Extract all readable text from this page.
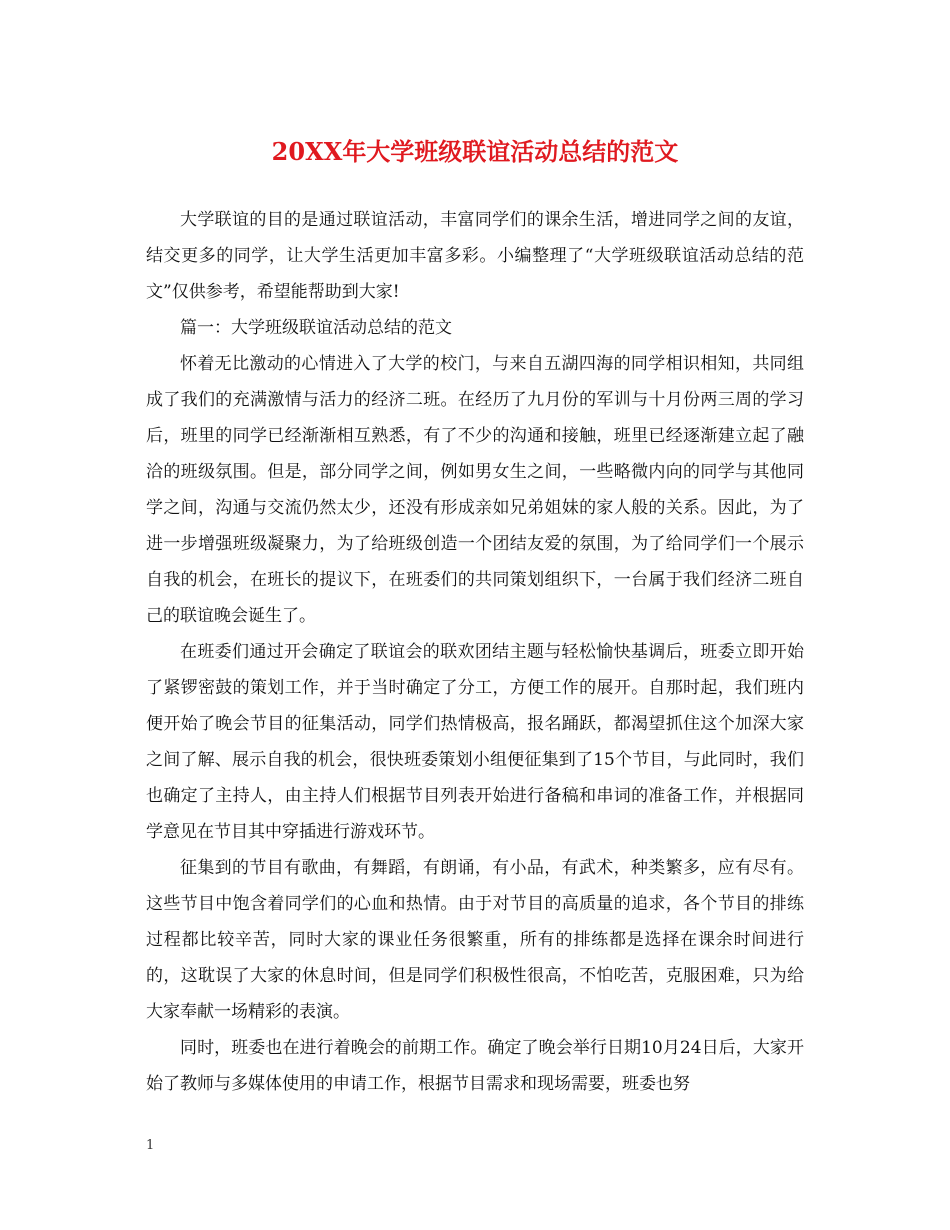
20XX年大学班级联谊活动总结的范文

大学联谊的目的是通过联谊活动，丰富同学们的课余生活，增进同学之间的友谊，结交更多的同学，让大学生活更加丰富多彩。小编整理了“大学班级联谊活动总结的范文”仅供参考，希望能帮助到大家!

篇一：大学班级联谊活动总结的范文

怀着无比激动的心情进入了大学的校门，与来自五湖四海的同学相识相知，共同组成了我们的充满激情与活力的经济二班。在经历了九月份的军训与十月份两三周的学习后，班里的同学已经渐渐相互熟悉，有了不少的沟通和接触，班里已经逐渐建立起了融洽的班级氛围。但是，部分同学之间，例如男女生之间，一些略微内向的同学与其他同学之间，沟通与交流仍然太少，还没有形成亲如兄弟姐妹的家人般的关系。因此，为了进一步增强班级凝聚力，为了给班级创造一个团结友爱的氛围，为了给同学们一个展示自我的机会，在班长的提议下，在班委们的共同策划组织下，一台属于我们经济二班自己的联谊晚会诞生了。

在班委们通过开会确定了联谊会的联欢团结主题与轻松愉快基调后，班委立即开始了紧锣密鼓的策划工作，并于当时确定了分工，方便工作的展开。自那时起，我们班内便开始了晚会节目的征集活动，同学们热情极高，报名踊跃，都渴望抓住这个加深大家之间了解、展示自我的机会，很快班委策划小组便征集到了15个节目，与此同时，我们也确定了主持人，由主持人们根据节目列表开始进行备稿和串词的准备工作，并根据同学意见在节目其中穿插进行游戏环节。

征集到的节目有歌曲，有舞蹈，有朗诵，有小品，有武术，种类繁多，应有尽有。这些节目中饱含着同学们的心血和热情。由于对节目的高质量的追求，各个节目的排练过程都比较辛苦，同时大家的课业任务很繁重，所有的排练都是选择在课余时间进行的，这耽误了大家的休息时间，但是同学们积极性很高，不怕吃苦，克服困难，只为给大家奉献一场精彩的表演。

同时，班委也在进行着晚会的前期工作。确定了晚会举行日期10月24日后，大家开始了教师与多媒体使用的申请工作，根据节目需求和现场需要，班委也努

1
